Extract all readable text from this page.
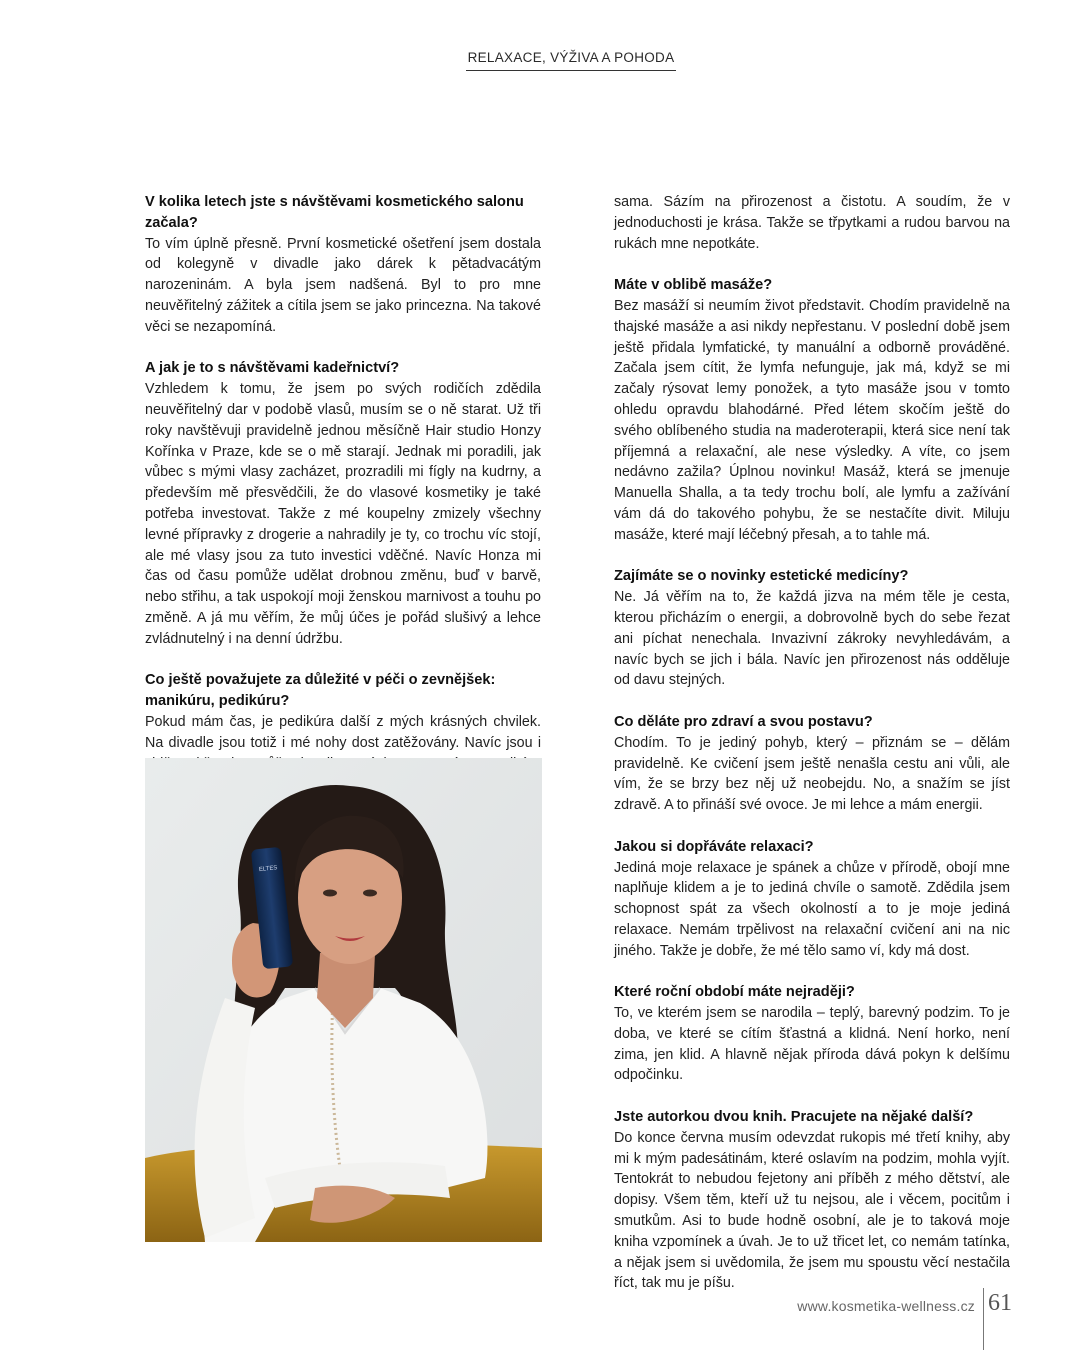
RELAXACE, VÝŽIVA A POHODA
V kolika letech jste s návštěvami kosmetického salonu začala?
To vím úplně přesně. První kosmetické ošetření jsem dostala od kolegyně v divadle jako dárek k pětadvacátým narozeninám. A byla jsem nadšená. Byl to pro mne neuvěřitelný zážitek a cítila jsem se jako princezna. Na takové věci se nezapomíná.
A jak je to s návštěvami kadeřnictví?
Vzhledem k tomu, že jsem po svých rodičích zdědila neuvěřitelný dar v podobě vlasů, musím se o ně starat. Už tři roky navštěvuji pravidelně jednou měsíčně Hair studio Honzy Kořínka v Praze, kde se o mě starají. Jednak mi poradili, jak vůbec s mými vlasy zacházet, prozradili mi fígly na kudrny, a především mě přesvědčili, že do vlasové kosmetiky je také potřeba investovat. Takže z mé koupelny zmizely všechny levné přípravky z drogerie a nahradily je ty, co trochu víc stojí, ale mé vlasy jsou za tuto investici vděčné. Navíc Honza mi čas od času pomůže udělat drobnou změnu, buď v barvě, nebo střihu, a tak uspokojí moji ženskou marnivost a touhu po změně. A já mu věřím, že můj účes je pořád slušivý a lehce zvládnutelný i na denní údržbu.
Co ještě považujete za důležité v péči o zevnějšek: manikúru, pedikúru?
Pokud mám čas, je pedikúra další z mých krásných chvilek. Na divadle jsou totiž i mé nohy dost zatěžovány. Navíc jsou i
ELTES
sama. Sázím na přirozenost a čistotu. A soudím, že v jednoduchosti je krása. Takže se třpytkami a rudou barvou na rukách mne nepotkáte.
Máte v oblibě masáže?
Bez masáží si neumím život představit. Chodím pravidelně na thajské masáže a asi nikdy nepřestanu. V poslední době jsem ještě přidala lymfatické, ty manuální a odborně prováděné. Začala jsem cítit, že lymfa nefunguje, jak má, když se mi začaly rýsovat lemy ponožek, a tyto masáže jsou v tomto ohledu opravdu blahodárné. Před létem skočím ještě do svého oblíbeného studia na maderoterapii, která sice není tak příjemná a relaxační, ale nese výsledky. A víte, co jsem nedávno zažila? Úplnou novinku! Masáž, která se jmenuje Manuella Shalla, a ta tedy trochu bolí, ale lymfu a zažívání vám dá do takového pohybu, že se nestačíte divit. Miluju masáže, které mají léčebný přesah, a to tahle má.
Zajímáte se o novinky estetické medicíny?
Ne. Já věřím na to, že každá jizva na mém těle je cesta, kterou přicházím o energii, a dobrovolně bych do sebe řezat ani píchat nenechala. Invazivní zákroky nevyhledávám, a navíc bych se jich i bála. Navíc jen přirozenost nás odděluje od davu stejných.
Co děláte pro zdraví a svou postavu?
Chodím. To je jediný pohyb, který – přiznám se – dělám pravidelně. Ke cvičení jsem ještě nenašla cestu ani vůli, ale vím, že se brzy bez něj už neobejdu. No, a snažím se jíst zdravě. A to přináší své ovoce. Je mi lehce a mám energii.
Jakou si dopřáváte relaxaci?
Jediná moje relaxace je spánek a chůze v přírodě, obojí mne naplňuje klidem a je to jediná chvíle o samotě. Zdědila jsem schopnost spát za všech okolností a to je moje jediná relaxace. Nemám trpělivost na relaxační cvičení ani na nic jiného. Takže je dobře, že mé tělo samo ví, kdy má dost.
Které roční období máte nejraději?
To, ve kterém jsem se narodila – teplý, barevný podzim. To je doba, ve které se cítím šťastná a klidná. Není horko, není zima, jen klid. A hlavně nějak příroda dává pokyn k delšímu odpočinku.
Jste autorkou dvou knih. Pracujete na nějaké další?
Do konce června musím odevzdat rukopis mé třetí knihy, aby mi k mým padesátinám, které oslavím na podzim, mohla vyjít. Tentokrát to nebudou fejetony ani příběh z mého dětství, ale dopisy. Všem těm, kteří už tu nejsou, ale i věcem, pocitům i smutkům. Asi to bude hodně osobní, ale je to taková moje kniha vzpomínek a úvah. Je to už třicet let, co nemám tatínka, a nějak jsem si uvědomila, že jsem mu spoustu věcí nestačila říct, tak mu je píšu.
www.kosmetika-wellness.cz 61
